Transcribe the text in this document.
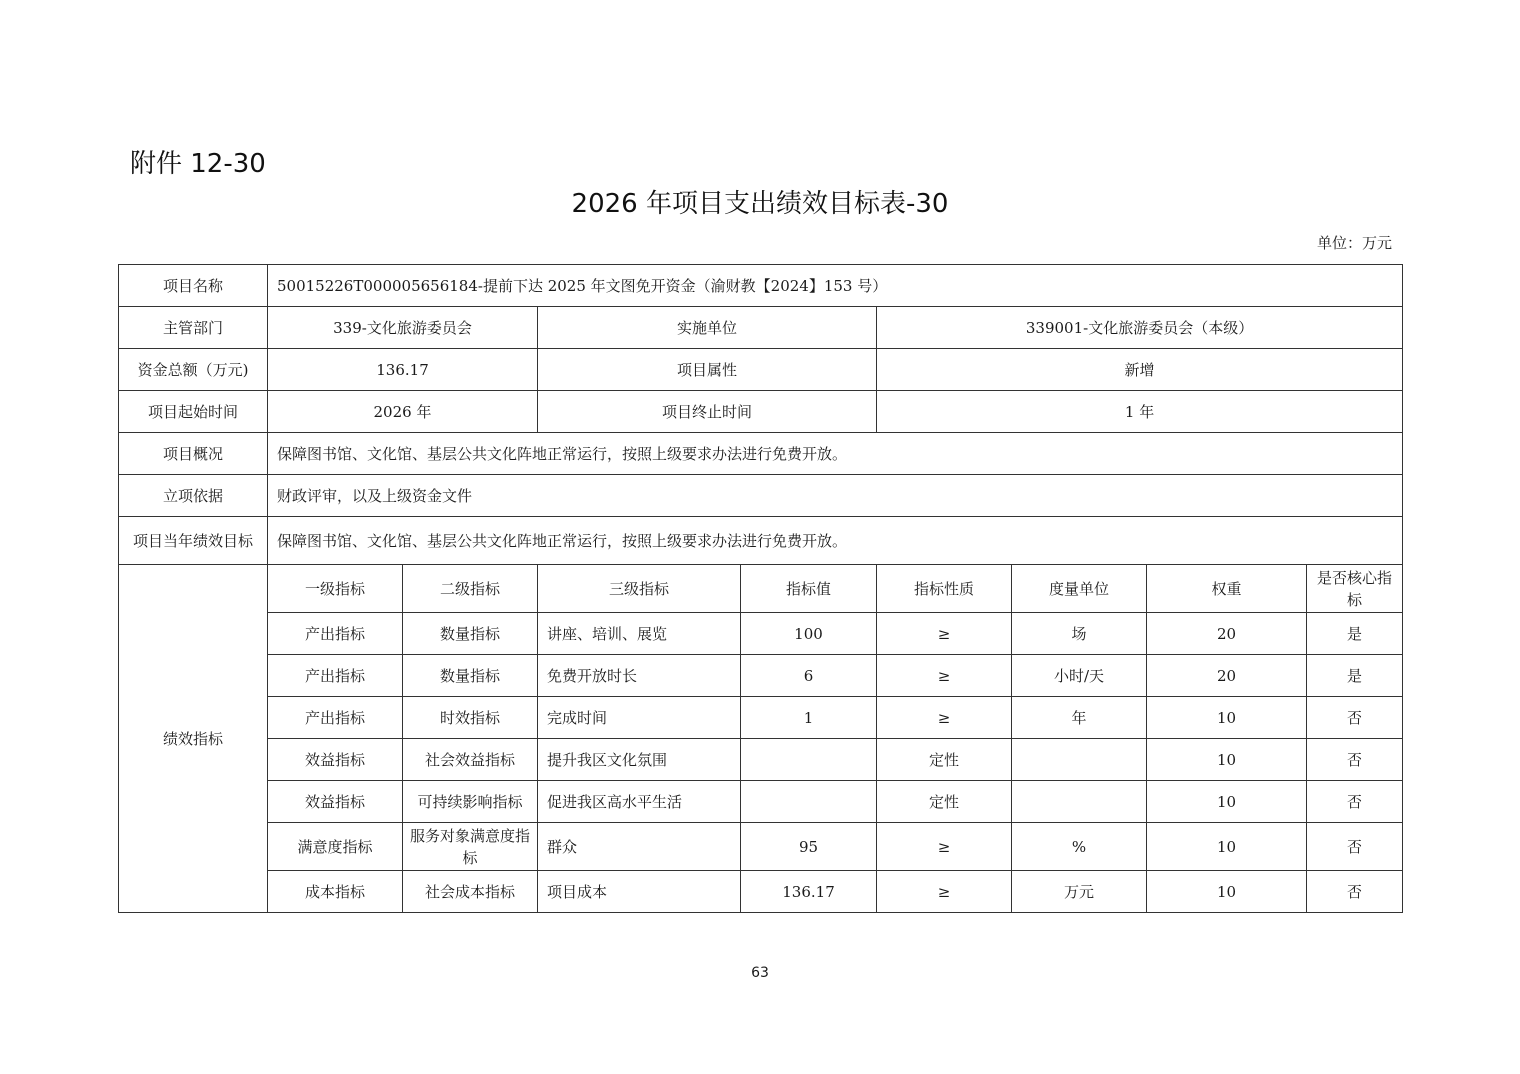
附件 12-30
2026 年项目支出绩效目标表-30
单位：万元
项目名称	50015226T000005656184-提前下达 2025 年文图免开资金（渝财教【2024】153 号）							
主管部门	339-文化旅游委员会		实施单位		339001-文化旅游委员会（本级）			
资金总额（万元)	136.17		项目属性		新增			
项目起始时间	2026 年		项目终止时间		1 年			
项目概况	保障图书馆、文化馆、基层公共文化阵地正常运行，按照上级要求办法进行免费开放。							
立项依据	财政评审，以及上级资金文件							
项目当年绩效目标	保障图书馆、文化馆、基层公共文化阵地正常运行，按照上级要求办法进行免费开放。							
绩效指标	一级指标	二级指标	三级指标	指标值	指标性质	度量单位	权重	是否核心指标
	产出指标	数量指标	讲座、培训、展览	100	≥	场	20	是
	产出指标	数量指标	免费开放时长	6	≥	小时/天	20	是
	产出指标	时效指标	完成时间	1	≥	年	10	否
	效益指标	社会效益指标	提升我区文化氛围		定性		10	否
	效益指标	可持续影响指标	促进我区高水平生活		定性		10	否
	满意度指标	服务对象满意度指标	群众	95	≥	%	10	否
	成本指标	社会成本指标	项目成本	136.17	≥	万元	10	否
63
